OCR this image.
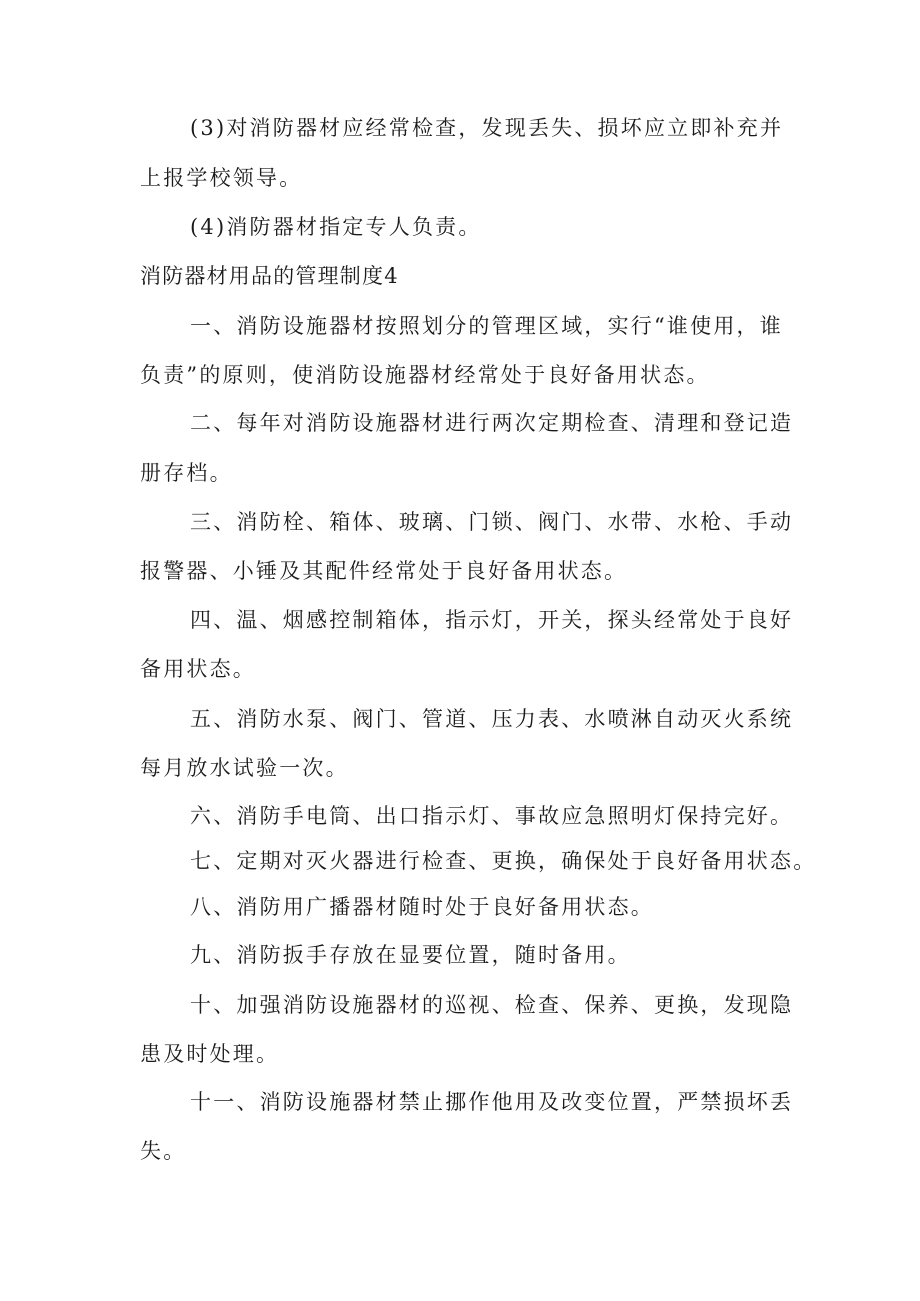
(3)对消防器材应经常检查，发现丢失、损坏应立即补充并
上报学校领导。
(4)消防器材指定专人负责。
消防器材用品的管理制度4
一、消防设施器材按照划分的管理区域，实行“谁使用，谁
负责”的原则，使消防设施器材经常处于良好备用状态。
二、每年对消防设施器材进行两次定期检查、清理和登记造
册存档。
三、消防栓、箱体、玻璃、门锁、阀门、水带、水枪、手动
报警器、小锤及其配件经常处于良好备用状态。
四、温、烟感控制箱体，指示灯，开关，探头经常处于良好
备用状态。
五、消防水泵、阀门、管道、压力表、水喷淋自动灭火系统
每月放水试验一次。
六、消防手电筒、出口指示灯、事故应急照明灯保持完好。
七、定期对灭火器进行检查、更换，确保处于良好备用状态。
八、消防用广播器材随时处于良好备用状态。
九、消防扳手存放在显要位置，随时备用。
十、加强消防设施器材的巡视、检查、保养、更换，发现隐
患及时处理。
十一、消防设施器材禁止挪作他用及改变位置，严禁损坏丢
失。
